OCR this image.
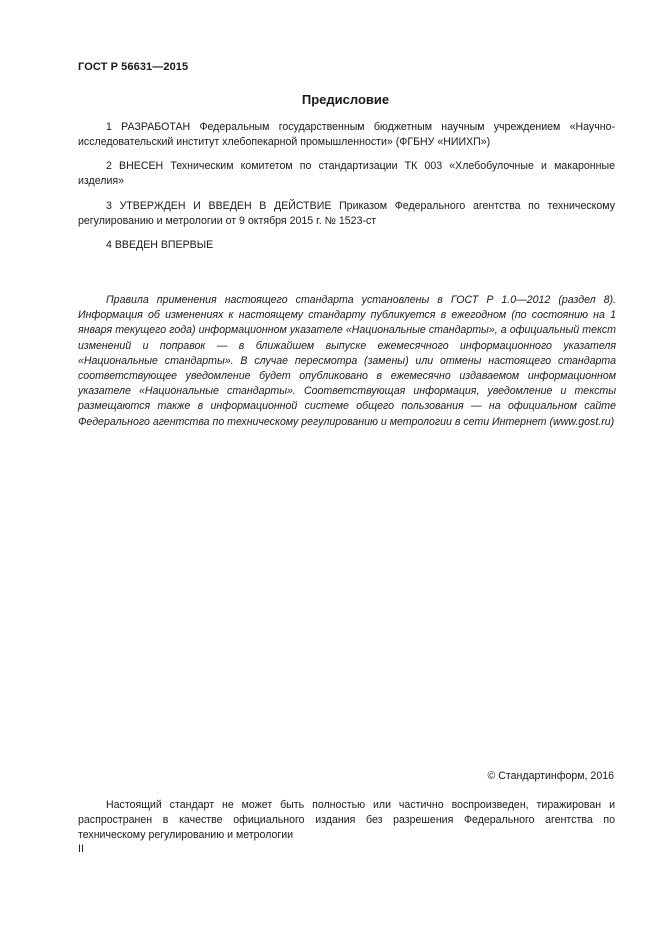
ГОСТ Р 56631—2015
Предисловие

1 РАЗРАБОТАН Федеральным государственным бюджетным научным учреждением «Научно-исследовательский институт хлебопекарной промышленности» (ФГБНУ «НИИХП»)

2 ВНЕСЕН Техническим комитетом по стандартизации ТК 003 «Хлебобулочные и макаронные изделия»

3 УТВЕРЖДЕН И ВВЕДЕН В ДЕЙСТВИЕ Приказом Федерального агентства по техническому регулированию и метрологии от 9 октября 2015 г. № 1523-ст

4 ВВЕДЕН ВПЕРВЫЕ

Правила применения настоящего стандарта установлены в ГОСТ Р 1.0—2012 (раздел 8). Информация об изменениях к настоящему стандарту публикуется в ежегодном (по состоянию на 1 января текущего года) информационном указателе «Национальные стандарты», а официальный текст изменений и поправок — в ближайшем выпуске ежемесячного информационного указателя «Национальные стандарты». В случае пересмотра (замены) или отмены настоящего стандарта соответствующее уведомление будет опубликовано в ежемесячно издаваемом информационном указателе «Национальные стандарты». Соответствующая информация, уведомление и тексты размещаются также в информационной системе общего пользования — на официальном сайте Федерального агентства по техническому регулированию и метрологии в сети Интернет (www.gost.ru)

© Стандартинформ, 2016

Настоящий стандарт не может быть полностью или частично воспроизведен, тиражирован и распространен в качестве официального издания без разрешения Федерального агентства по техническому регулированию и метрологии

II
